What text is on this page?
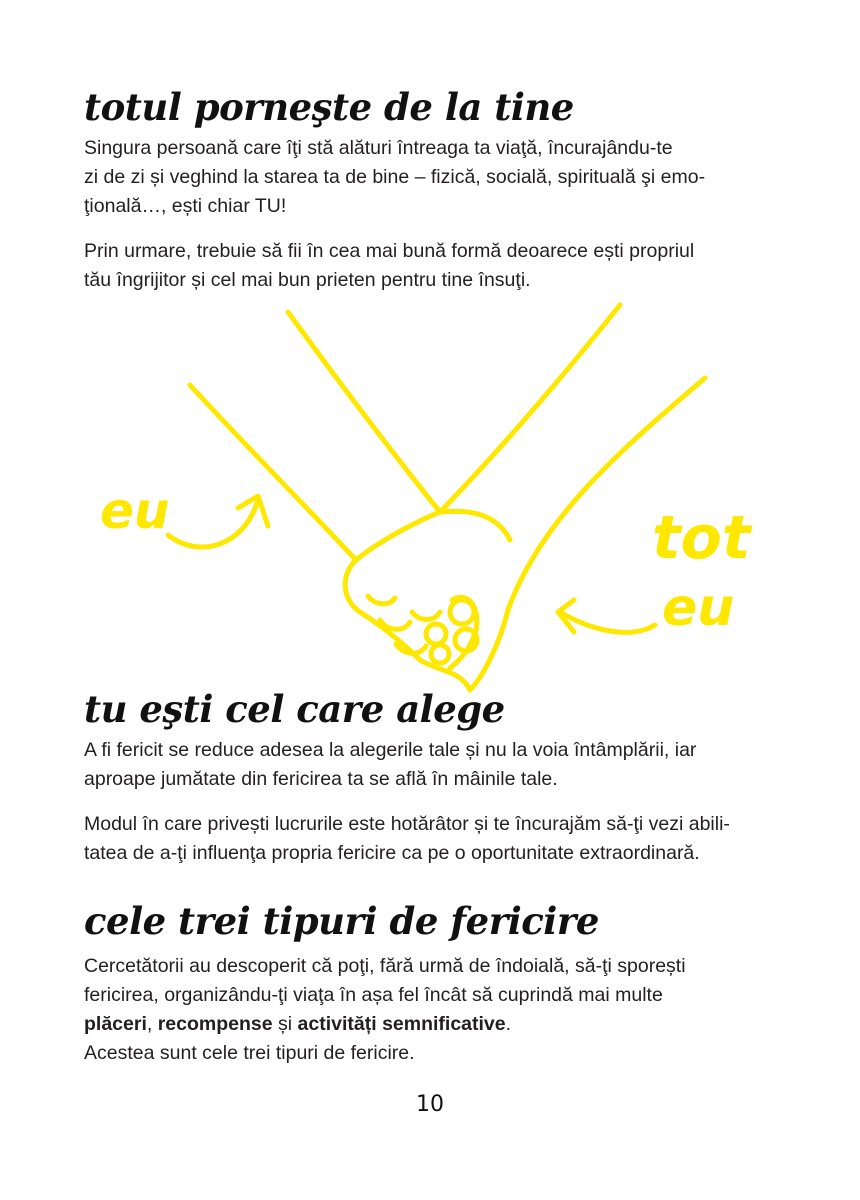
totul porneşte de la tine

Singura persoană care îţi stă alături întreaga ta viaţă, încurajându-te
zi de zi și veghind la starea ta de bine – fizică, socială, spirituală şi emo-
ţională…, ești chiar TU!

Prin urmare, trebuie să fii în cea mai bună formă deoarece ești propriul
tău îngrijitor și cel mai bun prieten pentru tine însuţi.

eu	tot
eu
tu eşti cel care alege

A fi fericit se reduce adesea la alegerile tale și nu la voia întâmplării, iar
aproape jumătate din fericirea ta se află în mâinile tale.

Modul în care privești lucrurile este hotărâtor și te încurajăm să-ţi vezi abili-
tatea de a-ţi influenţa propria fericire ca pe o oportunitate extraordinară.

cele trei tipuri de fericire

Cercetătorii au descoperit că poţi, fără urmă de îndoială, să-ţi sporești
fericirea, organizându-ţi viaţa în așa fel încât să cuprindă mai multe
plăceri, recompense și activități semnificative.
Acestea sunt cele trei tipuri de fericire.

10
